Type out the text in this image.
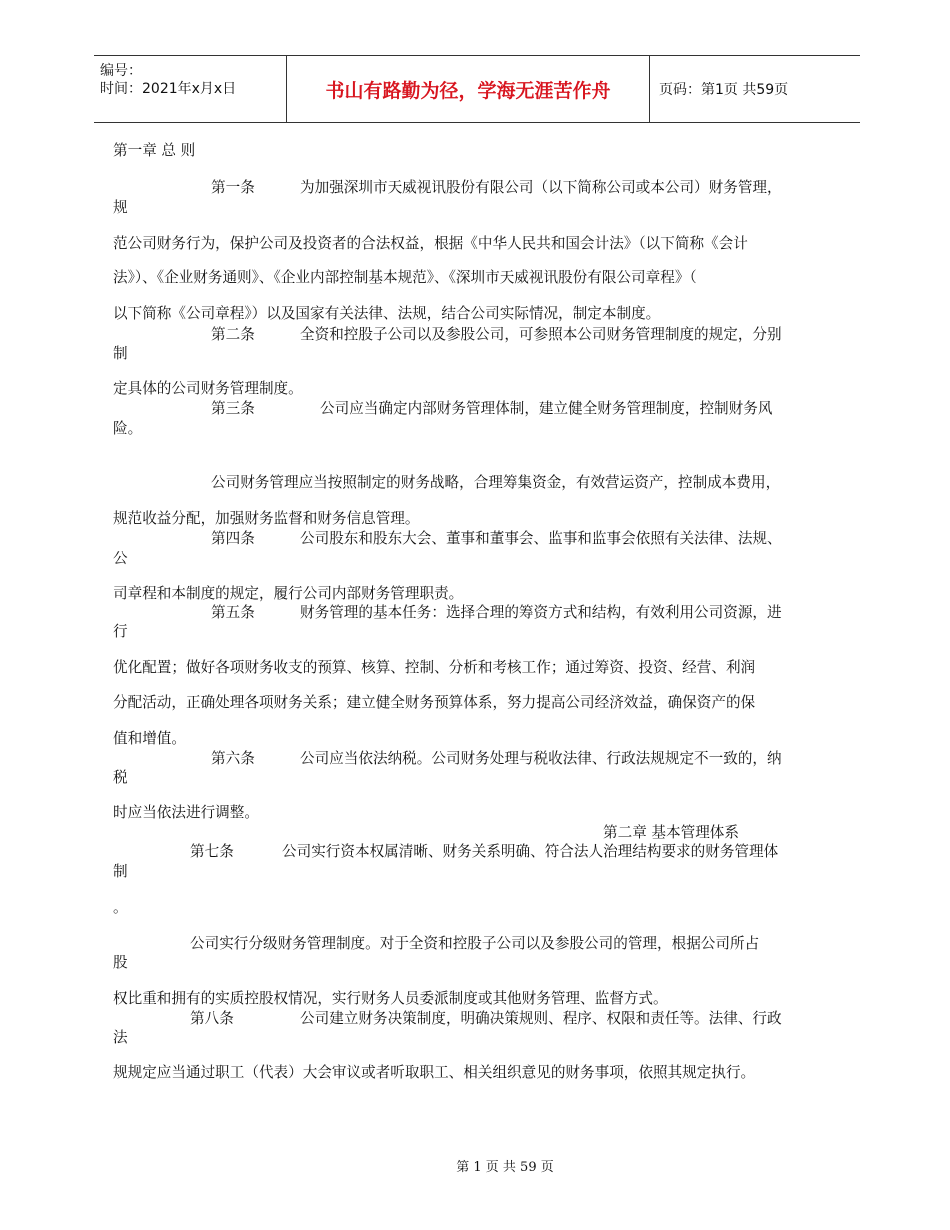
编号：
时间：2021年x月x日	书山有路勤为径，学海无涯苦作舟	页码：第1页 共59页
第一章 总 则
第一条	为加强深圳市天威视讯股份有限公司（以下简称公司或本公司）财务管理，
规
范公司财务行为，保护公司及投资者的合法权益，根据《中华人民共和国会计法》（以下简称《会计
法》）、《企业财务通则》、《企业内部控制基本规范》、《深圳市天威视讯股份有限公司章程》（
以下简称《公司章程》）以及国家有关法律、法规，结合公司实际情况，制定本制度。
第二条	全资和控股子公司以及参股公司，可参照本公司财务管理制度的规定，分别
制
定具体的公司财务管理制度。
第三条	公司应当确定内部财务管理体制，建立健全财务管理制度，控制财务风
险。
公司财务管理应当按照制定的财务战略，合理筹集资金，有效营运资产，控制成本费用，
规范收益分配，加强财务监督和财务信息管理。
第四条	公司股东和股东大会、董事和董事会、监事和监事会依照有关法律、法规、
公
司章程和本制度的规定，履行公司内部财务管理职责。
第五条	财务管理的基本任务：选择合理的筹资方式和结构，有效利用公司资源，进
行
优化配置；做好各项财务收支的预算、核算、控制、分析和考核工作；通过筹资、投资、经营、利润
分配活动，正确处理各项财务关系；建立健全财务预算体系，努力提高公司经济效益，确保资产的保
值和增值。
第六条	公司应当依法纳税。公司财务处理与税收法律、行政法规规定不一致的，纳
税
时应当依法进行调整。
第二章 基本管理体系
第七条	公司实行资本权属清晰、财务关系明确、符合法人治理结构要求的财务管理体
制
。
公司实行分级财务管理制度。对于全资和控股子公司以及参股公司的管理，根据公司所占
股
权比重和拥有的实质控股权情况，实行财务人员委派制度或其他财务管理、监督方式。
第八条	公司建立财务决策制度，明确决策规则、程序、权限和责任等。法律、行政
法
规规定应当通过职工（代表）大会审议或者听取职工、相关组织意见的财务事项，依照其规定执行。
第 1 页 共 59 页
